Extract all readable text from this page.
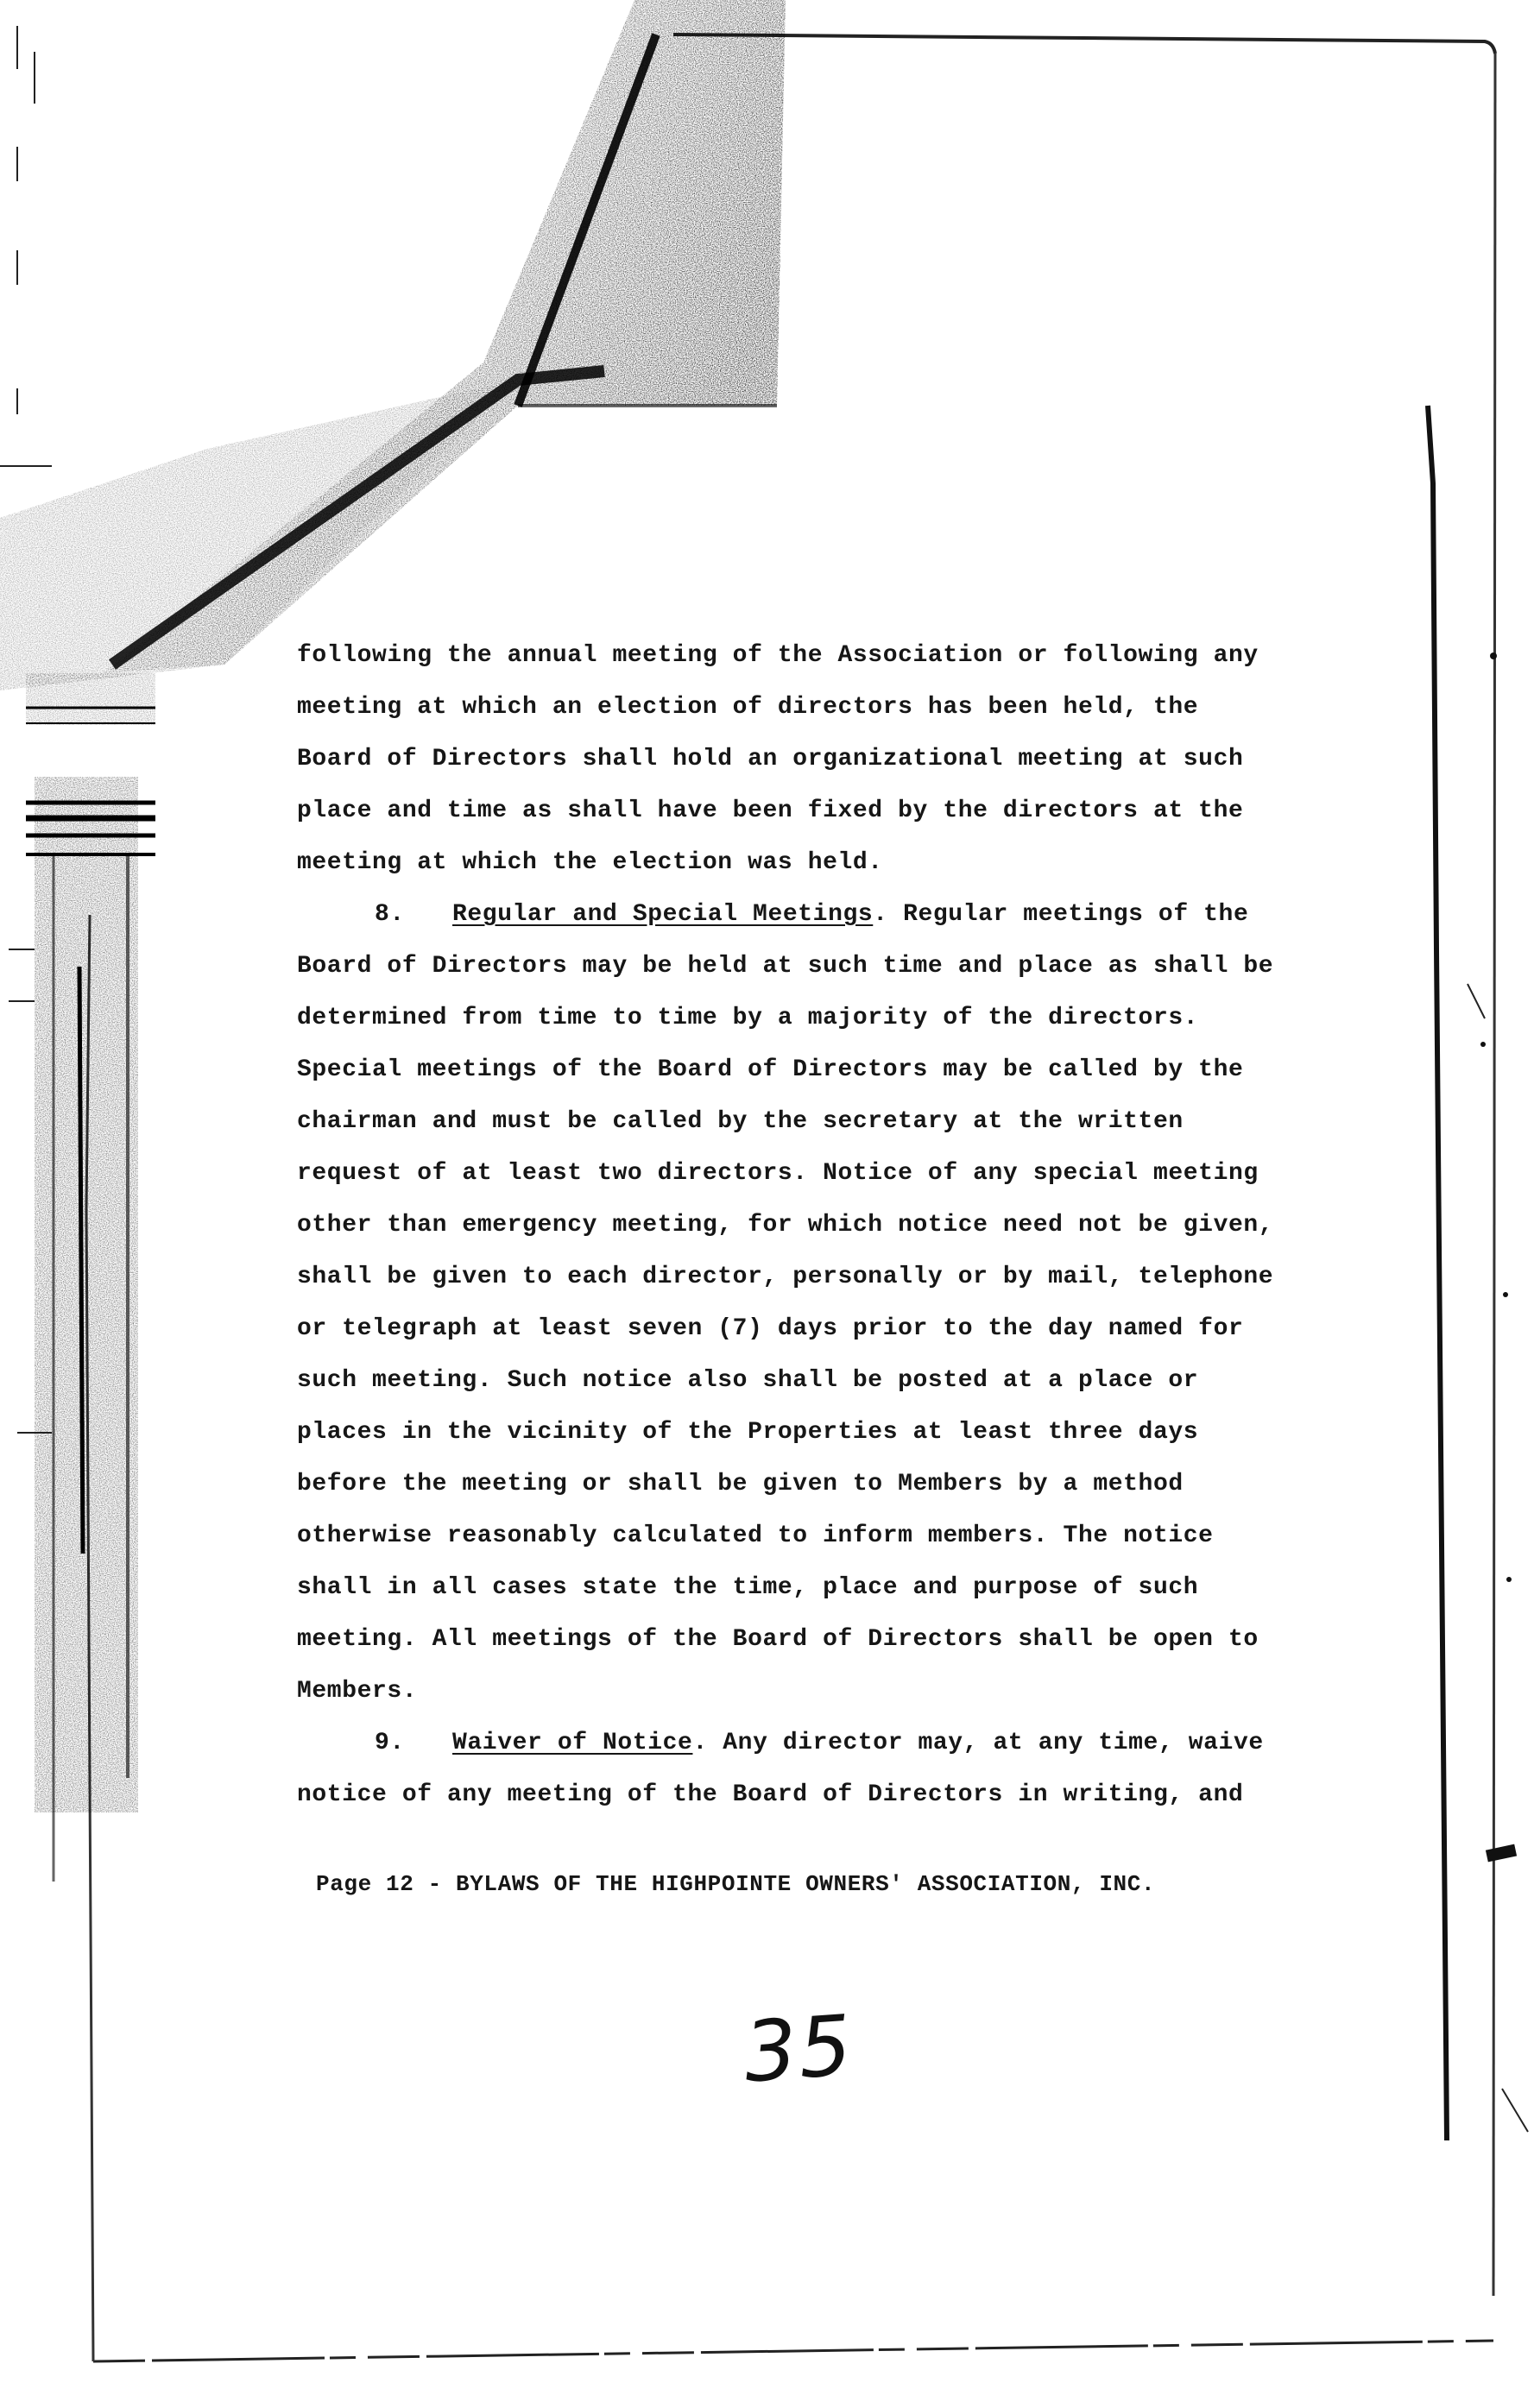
following the annual meeting of the Association or following any
meeting at which an election of directors has been held, the
Board of Directors shall hold an organizational meeting at such
place and time as shall have been fixed by the directors at the
meeting at which the election was held.
8. Regular and Special Meetings. Regular meetings of the
Board of Directors may be held at such time and place as shall be
determined from time to time by a majority of the directors.
Special meetings of the Board of Directors may be called by the
chairman and must be called by the secretary at the written
request of at least two directors. Notice of any special meeting
other than emergency meeting, for which notice need not be given,
shall be given to each director, personally or by mail, telephone
or telegraph at least seven (7) days prior to the day named for
such meeting. Such notice also shall be posted at a place or
places in the vicinity of the Properties at least three days
before the meeting or shall be given to Members by a method
otherwise reasonably calculated to inform members. The notice
shall in all cases state the time, place and purpose of such
meeting. All meetings of the Board of Directors shall be open to
Members.
9. Waiver of Notice. Any director may, at any time, waive
notice of any meeting of the Board of Directors in writing, and
Page 12 - BYLAWS OF THE HIGHPOINTE OWNERS' ASSOCIATION, INC.
35
